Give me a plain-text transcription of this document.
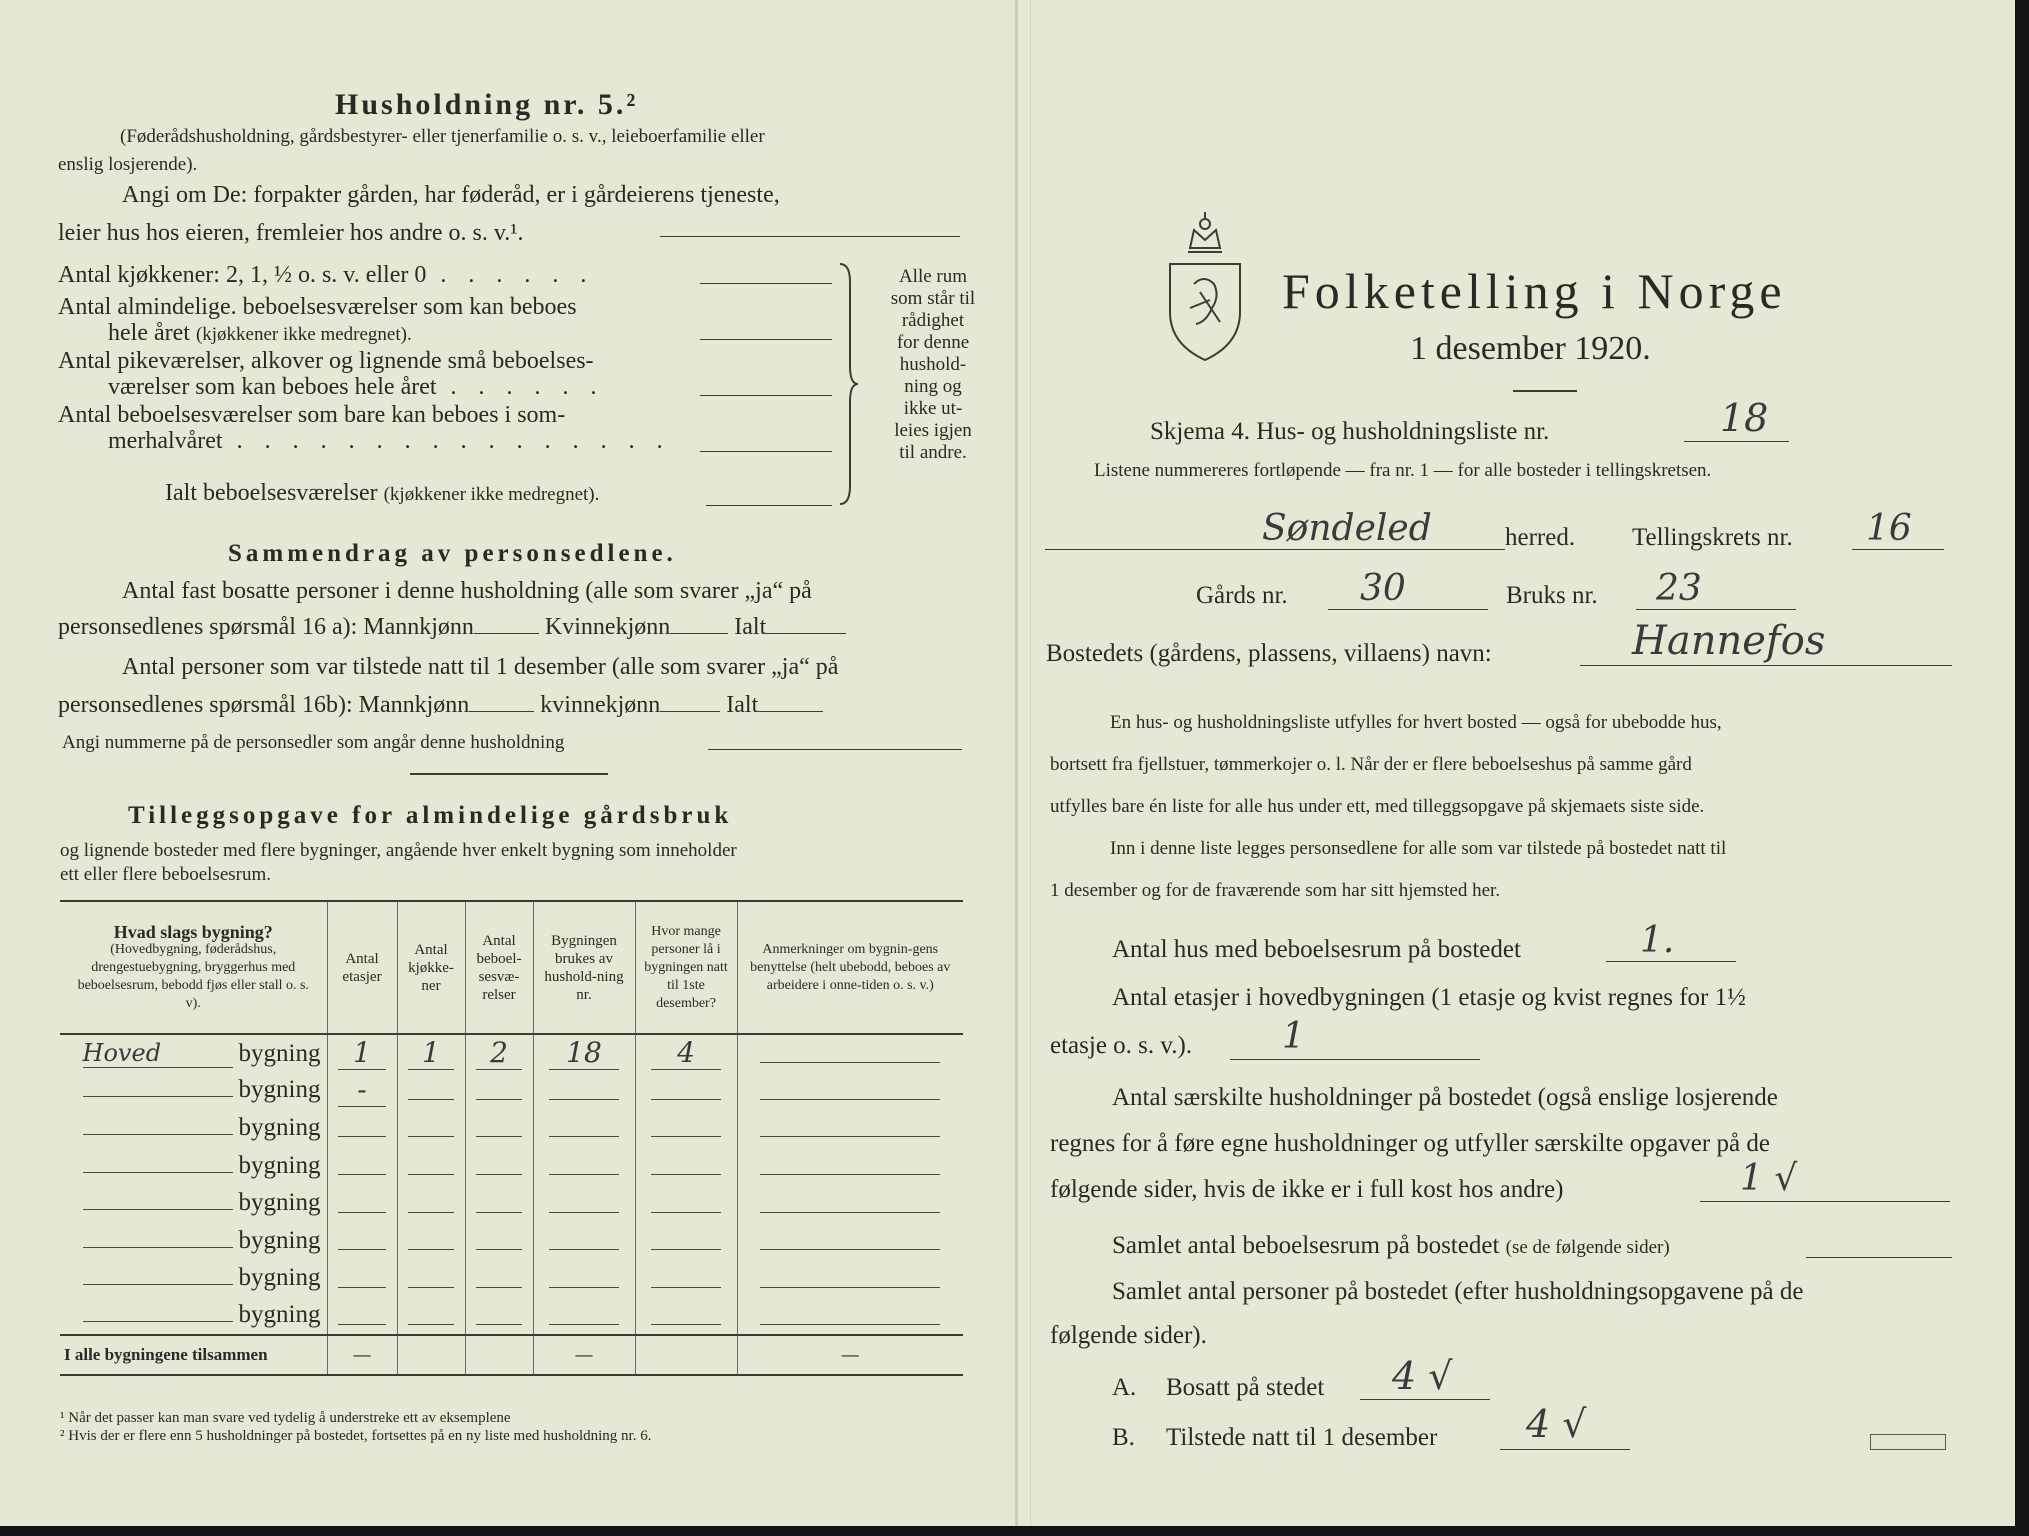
Husholdning nr. 5.²
(Føderådshusholdning, gårdsbestyrer- eller tjenerfamilie o. s. v., leieboerfamilie eller
enslig losjerende).
Angi om De: forpakter gården, har føderåd, er i gårdeierens tjeneste,
leier hus hos eieren, fremleier hos andre o. s. v.¹.
Antal kjøkkener: 2, 1, ½ o. s. v. eller 0 . . . . . .
Antal almindelige. beboelsesværelser som kan beboes
hele året (kjøkkener ikke medregnet).
Antal pikeværelser, alkover og lignende små beboelses-
værelser som kan beboes hele året . . . . . .
Antal beboelsesværelser som bare kan beboes i som-
merhalvåret . . . . . . . . . . . . . . . .
Ialt beboelsesværelser (kjøkkener ikke medregnet).
Alle rum
som står til
rådighet
for denne
hushold-
ning og
ikke ut-
leies igjen
til andre.
Sammendrag av personsedlene.
Antal fast bosatte personer i denne husholdning (alle som svarer „ja“ på
personsedlenes spørsmål 16 a): Mannkjønn	Kvinnekjønn	Ialt
Antal personer som var tilstede natt til 1 desember (alle som svarer „ja“ på
personsedlenes spørsmål 16b): Mannkjønn	kvinnekjønn	Ialt
Angi nummerne på de personsedler som angår denne husholdning
Tilleggsopgave for almindelige gårdsbruk
og lignende bosteder med flere bygninger, angående hver enkelt bygning som inneholder
ett eller flere beboelsesrum.
Hvad slags bygning?
(Hovedbygning, føderådshus, drengestuebygning, bryggerhus med beboelsesrum, bebodd fjøs eller stall o. s. v).	Antal etasjer	Antal kjøkke-ner	Antal beboel-sesvæ-relser	Bygningen brukes av hushold-ning nr.	Hvor mange personer lå i bygningen natt til 1ste desember?	Anmerkninger om bygnin-gens benyttelse (helt ubebodd, beboes av arbeidere i onne-tiden o. s. v.)
Hoved bygning	1	1	2	18	4	
bygning	-					
bygning						
bygning						
bygning						
bygning						
bygning						
bygning						
I alle bygningene tilsammen	—			—		—
¹ Når det passer kan man svare ved tydelig å understreke ett av eksemplene
² Hvis der er flere enn 5 husholdninger på bostedet, fortsettes på en ny liste med husholdning nr. 6.
Folketelling i Norge
1 desember 1920.
Skjema 4. Hus- og husholdningsliste nr.	18
Listene nummereres fortløpende — fra nr. 1 — for alle bosteder i tellingskretsen.
Søndeled	herred. Tellingskrets nr. 16
Gårds nr. 30	Bruks nr. 23
Bostedets (gårdens, plassens, villaens) navn:	Hannefos
En hus- og husholdningsliste utfylles for hvert bosted — også for ubebodde hus,
bortsett fra fjellstuer, tømmerkojer o. l. Når der er flere beboelseshus på samme gård
utfylles bare én liste for alle hus under ett, med tilleggsopgave på skjemaets siste side.
Inn i denne liste legges personsedlene for alle som var tilstede på bostedet natt til
1 desember og for de fraværende som har sitt hjemsted her.
Antal hus med beboelsesrum på bostedet	1.
Antal etasjer i hovedbygningen (1 etasje og kvist regnes for 1½
etasje o. s. v.). 1
Antal særskilte husholdninger på bostedet (også enslige losjerende
regnes for å føre egne husholdninger og utfyller særskilte opgaver på de
følgende sider, hvis de ikke er i full kost hos andre)	1 √
Samlet antal beboelsesrum på bostedet (se de følgende sider)
Samlet antal personer på bostedet (efter husholdningsopgavene på de
følgende sider).
A. Bosatt på stedet 4 √
B. Tilstede natt til 1 desember 4 √
